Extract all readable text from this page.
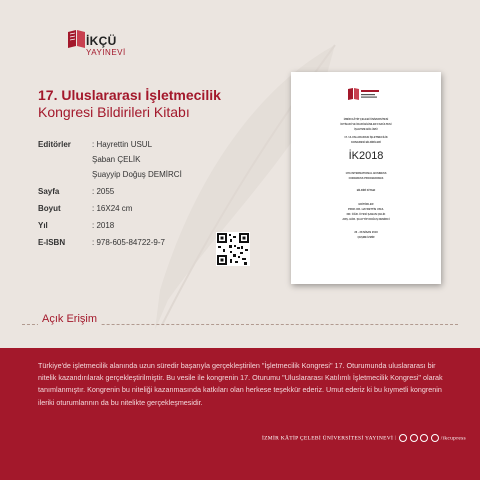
İKÇÜ
YAYINEVİ
17. Uluslararası İşletmecilik
Kongresi Bildirileri Kitabı
Editörler	: Hayrettin USUL
Şaban ÇELİK
Şuayyip Doğuş DEMİRCİ
Sayfa	: 2055
Boyut	: 16X24 cm
Yıl	: 2018
E-ISBN	: 978-605-84722-9-7
İZMİR KÂTİP ÇELEBİ ÜNİVERSİTESİ
İKTİSADİ VE İDARİ BİLİMLER FAKÜLTESİ
İŞLETME BÖLÜMÜ
17. ULUSLARARASI İŞLETMECİLİK
KONGRESİ BİLDİRİLERİ
İK2018
17th INTERNATIONAL BUSINESS
CONGRESS PROCEEDINGS
BİLDİRİ KİTABI
EDİTÖRLER
PROF. DR. HAYRETTİN USUL
DR. ÖĞR. ÜYESİ ŞABAN ÇELİK
ARŞ. GÖR. ŞUAYYİP DOĞUŞ DEMİRCİ
26 - 28 NİSAN 2018
ÇEŞME İZMİR
Açık Erişim
Türkiye'de işletmecilik alanında uzun süredir başarıyla gerçekleştirilen "İşletmecilik Kongresi" 17. Oturumunda uluslararası bir nitelik kazandırılarak gerçekleştirilmiştir. Bu vesile ile kongrenin 17. Oturumu "Uluslararası Katılımlı İşletmecilik Kongresi" olarak tanımlanmıştır. Kongrenin bu niteliği kazanmasında katkıları olan herkese teşekkür ederiz. Umut ederiz ki bu kıymetli kongrenin ileriki oturumlarının da bu nitelikte gerçekleşmesidir.
İZMİR KÂTİP ÇELEBİ ÜNİVERSİTESİ YAYINEVİ |	/ikcupress
